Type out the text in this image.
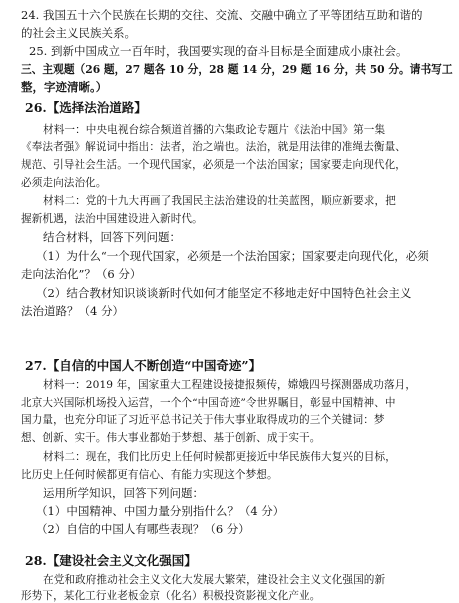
24. 我国五十六个民族在长期的交往、交流、交融中确立了平等团结互助和谐的
的社会主义民族关系。
25. 到新中国成立一百年时，我国要实现的奋斗目标是全面建成小康社会。
三、主观题（26 题，27 题各 10 分，28 题 14 分，29 题 16 分，共 50 分。请书写工
整，字迹清晰。）
26.【选择法治道路】
材料一：中央电视台综合频道首播的六集政论专题片《法治中国》第一集
《奉法者强》解说词中指出：法者，治之端也。法治，就是用法律的准绳去衡量、
规范、引导社会生活。一个现代国家，必须是一个法治国家；国家要走向现代化，
必须走向法治化。
材料二：党的十九大再画了我国民主法治建设的壮美蓝图，顺应新要求，把
握新机遇，法治中国建设进入新时代。
结合材料，回答下列问题：
（1）为什么“一个现代国家，必须是一个法治国家；国家要走向现代化，必须
走向法治化”？（6 分）
（2）结合教材知识谈谈新时代如何才能坚定不移地走好中国特色社会主义
法治道路？（4 分）
27.【自信的中国人不断创造“中国奇迹”】
材料一：2019 年，国家重大工程建设接捷报频传，嫦娥四号探测器成功落月，
北京大兴国际机场投入运营，一个个“中国奇迹”令世界瞩目，彰显中国精神、中
国力量，也充分印证了习近平总书记关于伟大事业取得成功的三个关键词：梦
想、创新、实干。伟大事业都始于梦想、基于创新、成于实干。
材料二：现在，我们比历史上任何时候都更接近中华民族伟大复兴的目标，
比历史上任何时候都更有信心、有能力实现这个梦想。
运用所学知识，回答下列问题：
（1）中国精神、中国力量分别指什么？（4 分）
（2）自信的中国人有哪些表现？（6 分）
28.【建设社会主义文化强国】
在党和政府推动社会主义文化大发展大繁荣，建设社会主义文化强国的新
形势下，某化工行业老板金京（化名）积极投资影视文化产业。
